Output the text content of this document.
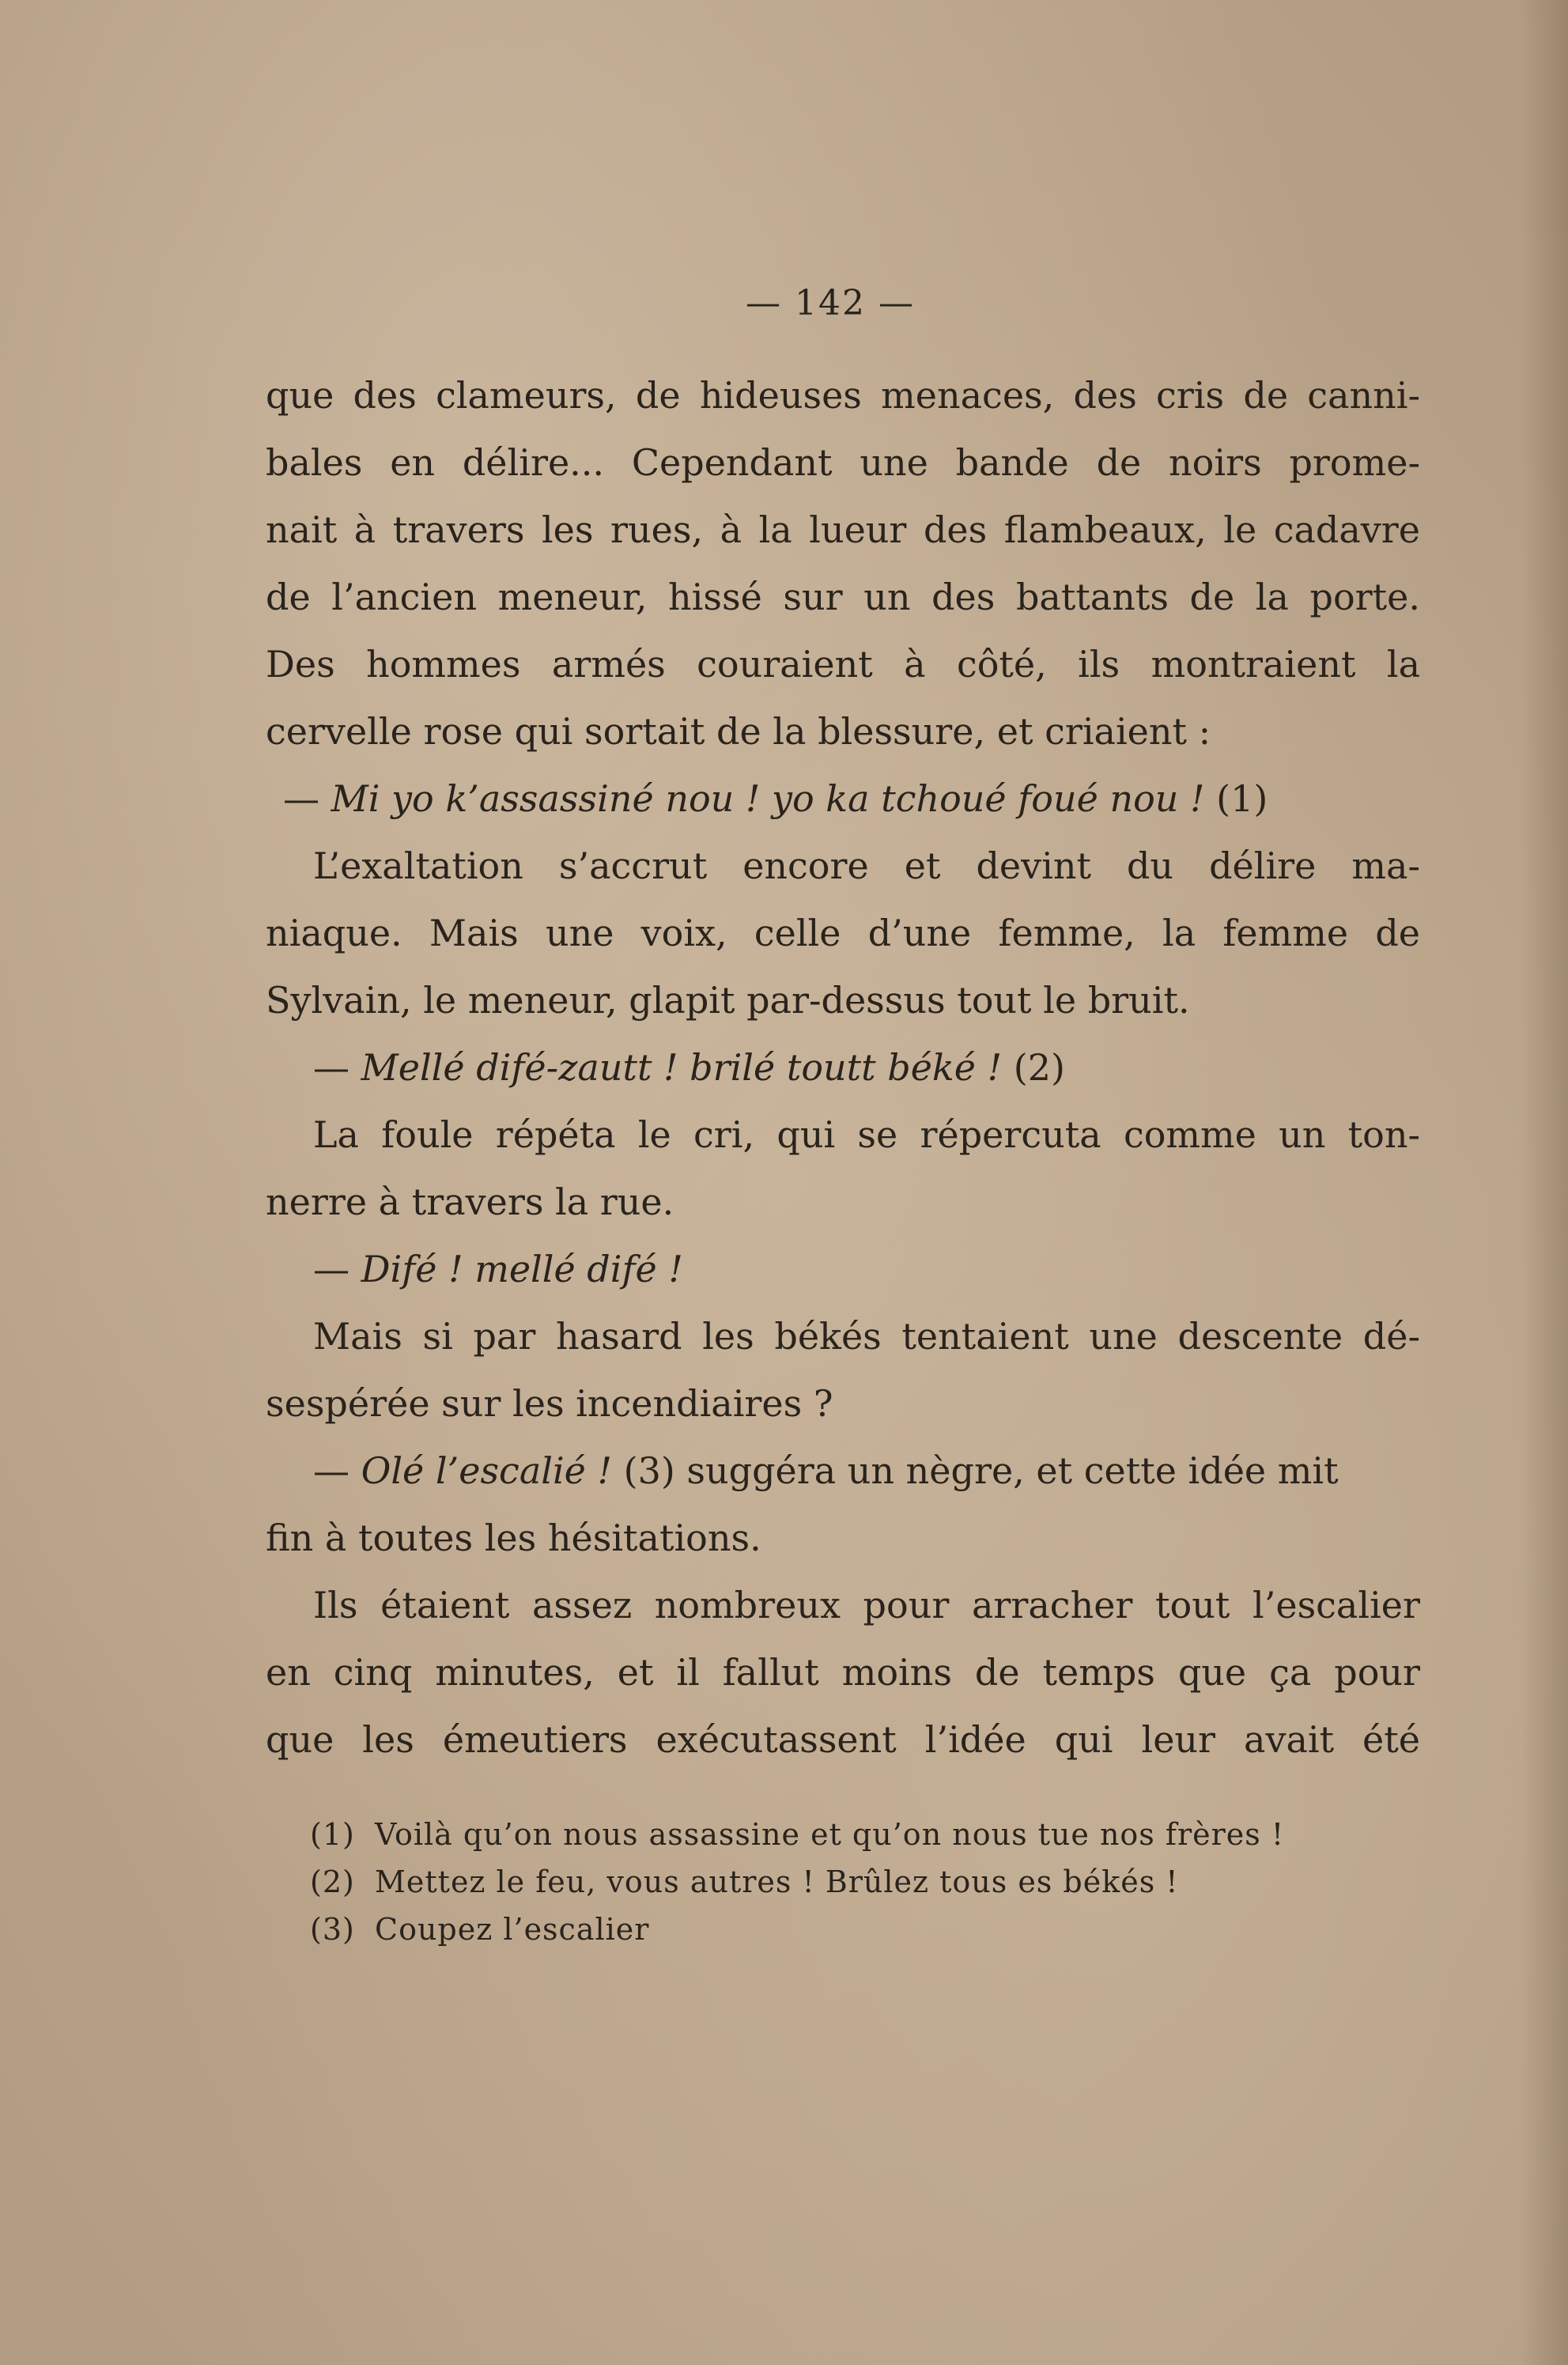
— 142 —
que des clameurs, de hideuses menaces, des cris de canni-
bales en délire... Cependant une bande de noirs prome-
nait à travers les rues, à la lueur des flambeaux, le cadavre
de l’ancien meneur, hissé sur un des battants de la porte.
Des hommes armés couraient à côté, ils montraient la
cervelle rose qui sortait de la blessure, et criaient :
— Mi yo k’assassiné nou ! yo ka tchoué foué nou ! (1)
L’exaltation s’accrut encore et devint du délire ma-
niaque. Mais une voix, celle d’une femme, la femme de
Sylvain, le meneur, glapit par-dessus tout le bruit.
— Mellé difé-zautt ! brilé toutt béké ! (2)
La foule répéta le cri, qui se répercuta comme un ton-
nerre à travers la rue.
— Difé ! mellé difé !
Mais si par hasard les békés tentaient une descente dé-
sespérée sur les incendiaires ?
— Olé l’escalié ! (3) suggéra un nègre, et cette idée mit
fin à toutes les hésitations.
Ils étaient assez nombreux pour arracher tout l’escalier
en cinq minutes, et il fallut moins de temps que ça pour
que les émeutiers exécutassent l’idée qui leur avait été
(1) Voilà qu’on nous assassine et qu’on nous tue nos frères !
(2) Mettez le feu, vous autres ! Brûlez tous es békés !
(3) Coupez l’escalier
